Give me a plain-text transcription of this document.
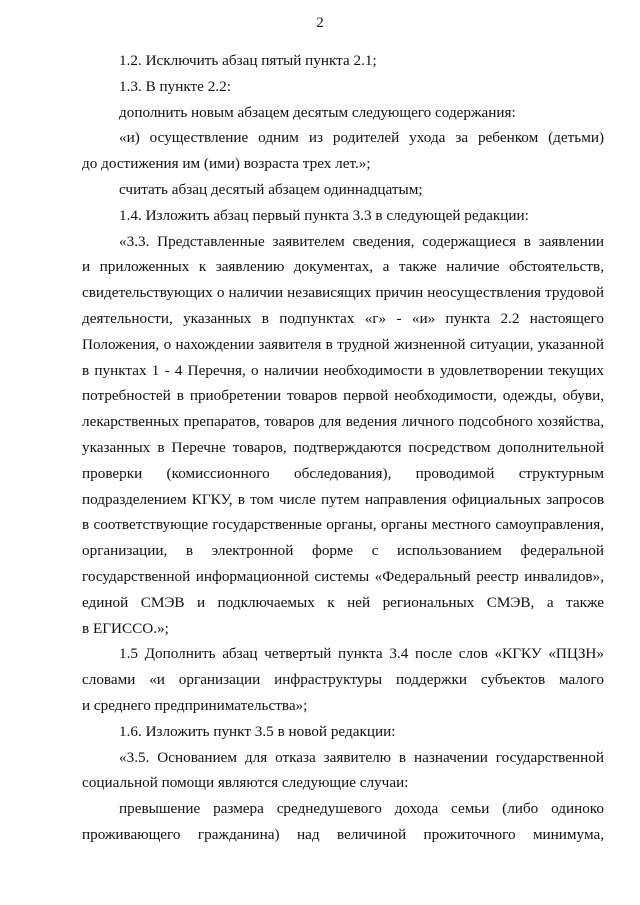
2
1.2. Исключить абзац пятый пункта 2.1;
1.3. В пункте 2.2:
дополнить новым абзацем десятым следующего содержания:
«и) осуществление одним из родителей ухода за ребенком (детьми)
до достижения им (ими) возраста трех лет.»;
считать абзац десятый абзацем одиннадцатым;
1.4. Изложить абзац первый пункта 3.3 в следующей редакции:
«3.3. Представленные заявителем сведения, содержащиеся в заявлении
и приложенных к заявлению документах, а также наличие обстоятельств,
свидетельствующих о наличии независящих причин неосуществления трудовой
деятельности, указанных в подпунктах «г» - «и» пункта 2.2 настоящего
Положения, о нахождении заявителя в трудной жизненной ситуации, указанной
в пунктах 1 - 4 Перечня, о наличии необходимости в удовлетворении текущих
потребностей в приобретении товаров первой необходимости, одежды, обуви,
лекарственных препаратов, товаров для ведения личного подсобного хозяйства,
указанных в Перечне товаров, подтверждаются посредством дополнительной
проверки (комиссионного обследования), проводимой структурным
подразделением КГКУ, в том числе путем направления официальных запросов
в соответствующие государственные органы, органы местного самоуправления,
организации, в электронной форме с использованием федеральной
государственной информационной системы «Федеральный реестр инвалидов»,
единой СМЭВ и подключаемых к ней региональных СМЭВ, а также
в ЕГИССО.»;
1.5 Дополнить абзац четвертый пункта 3.4 после слов «КГКУ «ПЦЗН»
словами «и организации инфраструктуры поддержки субъектов малого
и среднего предпринимательства»;
1.6. Изложить пункт 3.5 в новой редакции:
«3.5. Основанием для отказа заявителю в назначении государственной
социальной помощи являются следующие случаи:
превышение размера среднедушевого дохода семьи (либо одиноко
проживающего гражданина) над величиной прожиточного минимума,
